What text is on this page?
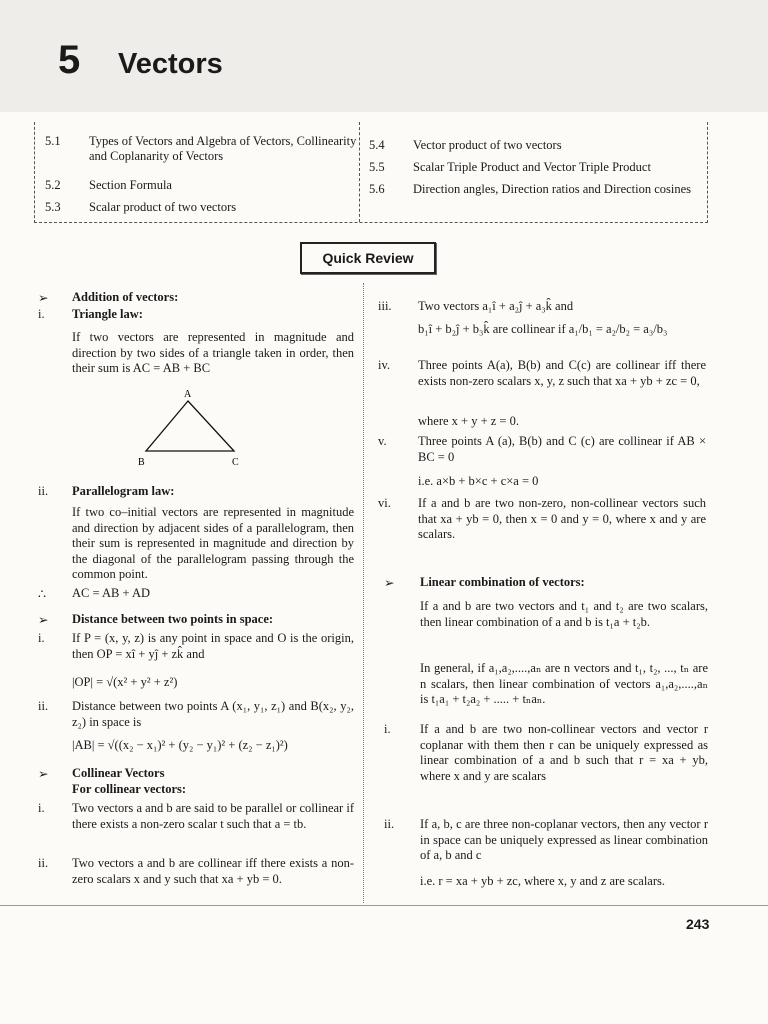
5 Vectors
5.1	Types of Vectors and Algebra of Vectors, Collinearity and Coplanarity of Vectors
5.2	Section Formula
5.3	Scalar product of two vectors
5.4	Vector product of two vectors
5.5	Scalar Triple Product and Vector Triple Product
5.6	Direction angles, Direction ratios and Direction cosines
Quick Review
➢ Addition of vectors:
i. Triangle law:
If two vectors are represented in magnitude and direction by two sides of a triangle taken in order, then their sum is AC = AB + BC
A
B	C
ii. Parallelogram law:
If two co–initial vectors are represented in magnitude and direction by adjacent sides of a parallelogram, then their sum is represented in magnitude and direction by the diagonal of the parallelogram passing through the common point.
∴ AC = AB + AD
➢ Distance between two points in space:
i. If P = (x, y, z) is any point in space and O is the origin, then OP = xî + yĵ + zk̂ and
|OP| = √(x² + y² + z²)
ii. Distance between two points A (x₁, y₁, z₁) and B(x₂, y₂, z₂) in space is
|AB| = √((x₂ − x₁)² + (y₂ − y₁)² + (z₂ − z₁)²)
➢ Collinear Vectors
For collinear vectors:
i. Two vectors a and b are said to be parallel or collinear if there exists a non-zero scalar t such that a = tb.
ii. Two vectors a and b are collinear iff there exists a non-zero scalars x and y such that xa + yb = 0.
iii. Two vectors a₁î + a₂ĵ + a₃k̂ and
b₁î + b₂ĵ + b₃k̂ are collinear if a₁/b₁ = a₂/b₂ = a₃/b₃
iv. Three points A(a), B(b) and C(c) are collinear iff there exists non-zero scalars x, y, z such that xa + yb + zc = 0,
where x + y + z = 0.
v.	Three points A (a), B(b) and C (c) are collinear if AB × BC = 0
i.e. a×b + b×c + c×a = 0
vi. If a and b are two non-zero, non-collinear vectors such that xa + yb = 0, then x = 0 and y = 0, where x and y are scalars.
➢ Linear combination of vectors:
If a and b are two vectors and t₁ and t₂ are two scalars, then linear combination of a and b is t₁a + t₂b.
In general, if a₁,a₂,....,aₙ are n vectors and t₁, t₂, ..., tₙ are n scalars, then linear combination of vectors a₁,a₂,....,aₙ is t₁a₁ + t₂a₂ + ..... + tₙaₙ.
i. If a and b are two non-collinear vectors and vector r coplanar with them then r can be uniquely expressed as linear combination of a and b such that r = xa + yb, where x and y are scalars
ii. If a, b, c are three non-coplanar vectors, then any vector r in space can be uniquely expressed as linear combination of a, b and c
i.e. r = xa + yb + zc, where x, y and z are scalars.
243
